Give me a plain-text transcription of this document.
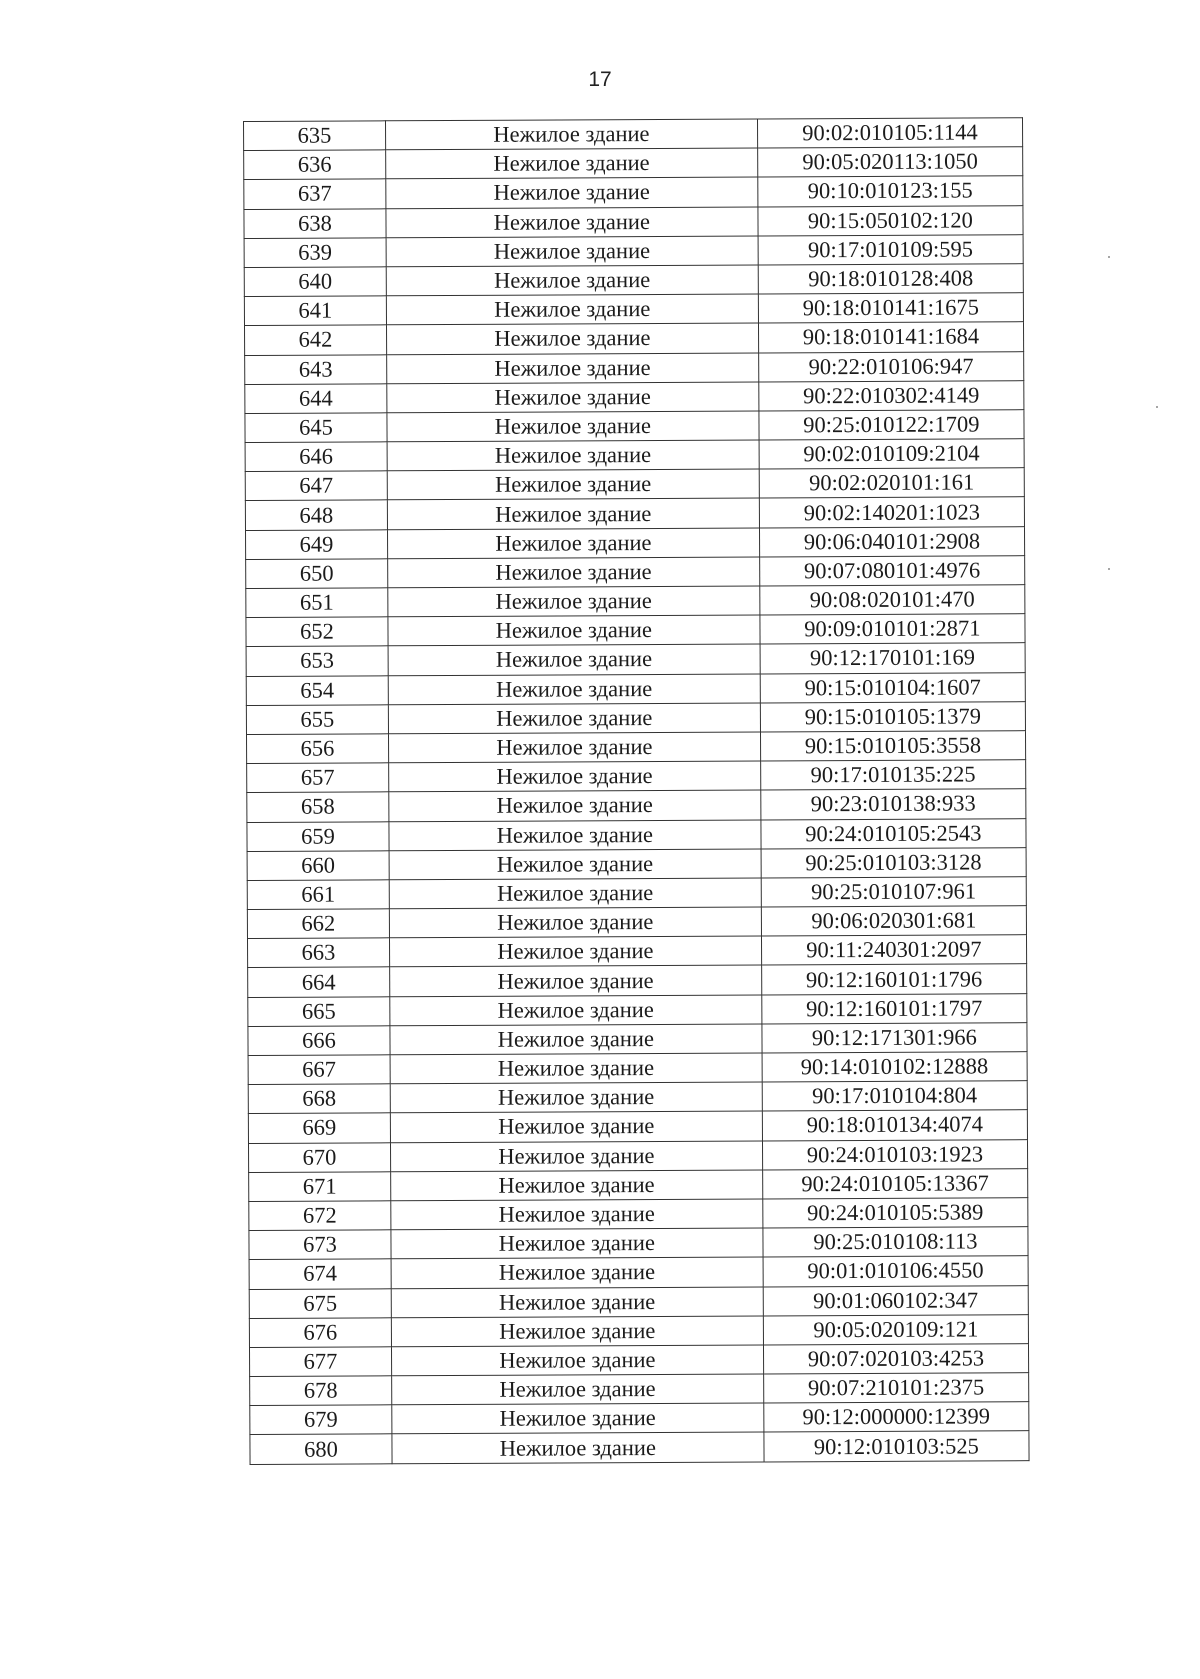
17
635	Нежилое здание	90:02:010105:1144
636	Нежилое здание	90:05:020113:1050
637	Нежилое здание	90:10:010123:155
638	Нежилое здание	90:15:050102:120
639	Нежилое здание	90:17:010109:595
640	Нежилое здание	90:18:010128:408
641	Нежилое здание	90:18:010141:1675
642	Нежилое здание	90:18:010141:1684
643	Нежилое здание	90:22:010106:947
644	Нежилое здание	90:22:010302:4149
645	Нежилое здание	90:25:010122:1709
646	Нежилое здание	90:02:010109:2104
647	Нежилое здание	90:02:020101:161
648	Нежилое здание	90:02:140201:1023
649	Нежилое здание	90:06:040101:2908
650	Нежилое здание	90:07:080101:4976
651	Нежилое здание	90:08:020101:470
652	Нежилое здание	90:09:010101:2871
653	Нежилое здание	90:12:170101:169
654	Нежилое здание	90:15:010104:1607
655	Нежилое здание	90:15:010105:1379
656	Нежилое здание	90:15:010105:3558
657	Нежилое здание	90:17:010135:225
658	Нежилое здание	90:23:010138:933
659	Нежилое здание	90:24:010105:2543
660	Нежилое здание	90:25:010103:3128
661	Нежилое здание	90:25:010107:961
662	Нежилое здание	90:06:020301:681
663	Нежилое здание	90:11:240301:2097
664	Нежилое здание	90:12:160101:1796
665	Нежилое здание	90:12:160101:1797
666	Нежилое здание	90:12:171301:966
667	Нежилое здание	90:14:010102:12888
668	Нежилое здание	90:17:010104:804
669	Нежилое здание	90:18:010134:4074
670	Нежилое здание	90:24:010103:1923
671	Нежилое здание	90:24:010105:13367
672	Нежилое здание	90:24:010105:5389
673	Нежилое здание	90:25:010108:113
674	Нежилое здание	90:01:010106:4550
675	Нежилое здание	90:01:060102:347
676	Нежилое здание	90:05:020109:121
677	Нежилое здание	90:07:020103:4253
678	Нежилое здание	90:07:210101:2375
679	Нежилое здание	90:12:000000:12399
680	Нежилое здание	90:12:010103:525
